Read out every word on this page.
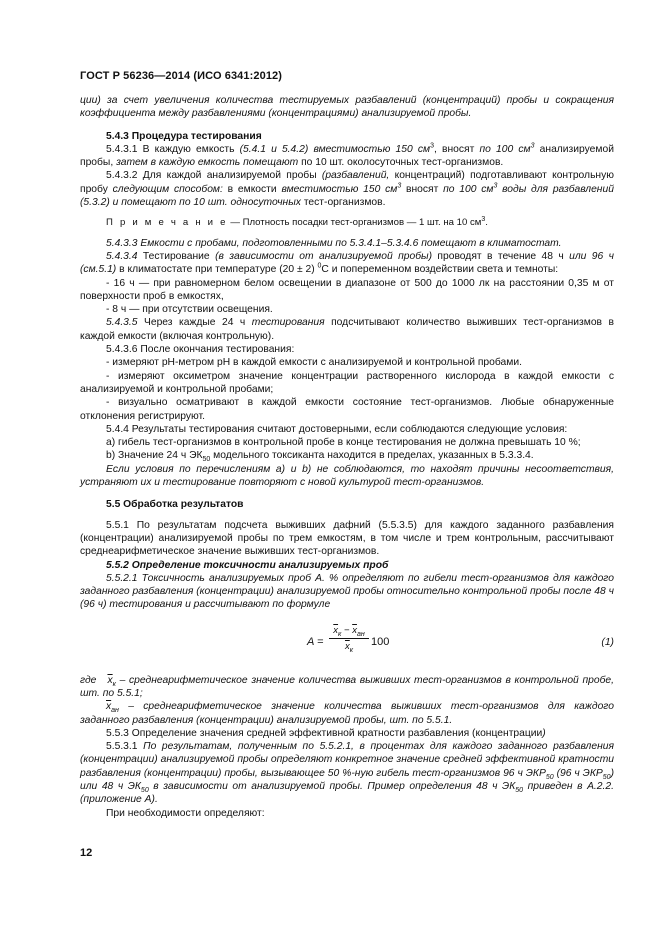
ГОСТ Р 56236—2014 (ИСО 6341:2012)

ции) за счет увеличения количества тестируемых разбавлений (концентраций) пробы и сокращения коэффициента между разбавлениями (концентрациями) анализируемой пробы.

5.4.3 Процедура тестирования

5.4.3.1 В каждую емкость (5.4.1 и 5.4.2) вместимостью 150 $см^3$, вносят по 100 $см^3$ анализируемой пробы, затем в каждую емкость помещают по 10 шт. околосуточных тест-организмов.

5.4.3.2 Для каждой анализируемой пробы (разбавлений, концентраций) подготавливают контрольную пробу следующим способом: в емкости вместимостью 150 $см^3$ вносят по 100 $см^3$ воды для разбавлений (5.3.2) и помещают по 10 шт. односуточных тест-организмов.

П р и м е ч а н и е — Плотность посадки тест-организмов — 1 шт. на 10 $см^3$.

5.4.3.3 Емкости с пробами, подготовленными по 5.3.4.1–5.3.4.6 помещают в климатостат.

5.4.3.4 Тестирование (в зависимости от анализируемой пробы) проводят в течение 48 ч или 96 ч (см.5.1) в климатостате при температуре (20 ± 2) $^0$С и попеременном воздействии света и темноты:

- 16 ч — при равномерном белом освещении в диапазоне от 500 до 1000 лк на расстоянии 0,35 м от поверхности проб в емкостях,

- 8 ч — при отсутствии освещения.

5.4.3.5 Через каждые 24 ч тестирования подсчитывают количество выживших тест-организмов в каждой емкости (включая контрольную).

5.4.3.6 После окончания тестирования:

- измеряют рН-метром рН в каждой емкости с анализируемой и контрольной пробами.

- измеряют оксиметром значение концентрации растворенного кислорода в каждой емкости с анализируемой и контрольной пробами;

- визуально осматривают в каждой емкости состояние тест-организмов. Любые обнаруженные отклонения регистрируют.

5.4.4 Результаты тестирования считают достоверными, если соблюдаются следующие условия:

а) гибель тест-организмов в контрольной пробе в конце тестирования не должна превышать 10 %;

b) Значение 24 ч $ЭК_{50}$ модельного токсиканта находится в пределах, указанных в 5.3.3.4.

Если условия по перечислениям а) и b) не соблюдаются, то находят причины несоответствия, устраняют их и тестирование повторяют с новой культурой тест-организмов.

5.5 Обработка результатов

5.5.1 По результатам подсчета выживших дафний (5.5.3.5) для каждого заданного разбавления (концентрации) анализируемой пробы по трем емкостям, в том числе и трем контрольным, рассчитывают среднеарифметическое значение выживших тест-организмов.

5.5.2 Определение токсичности анализируемых проб

5.5.2.1 Токсичность анализируемых проб А. % определяют по гибели тест-организмов для каждого заданного разбавления (концентрации) анализируемой пробы относительно контрольной пробы после 48 ч (96 ч) тестирования и рассчитывают по формуле

A =
$\overline{x}_к - \overline{x}_{ан}$
$\overline{x}_к$
100	(1)

где $\overline{x}_к$ – среднеарифметическое значение количества выживших тест-организмов в контрольной пробе, шт. по 5.5.1;

$\overline{x}_{ан}$ – среднеарифметическое значение количества выживших тест-организмов для каждого заданного разбавления (концентрации) анализируемой пробы, шт. по 5.5.1.

5.5.3 Определение значения средней эффективной кратности разбавления (концентрации)

5.5.3.1 По результатам, полученным по 5.5.2.1, в процентах для каждого заданного разбавления (концентрации) анализируемой пробы определяют конкретное значение средней эффективной кратности разбавления (концентрации) пробы, вызывающее 50 %-ную гибель тест-организмов 96 ч $ЭКР_{50}$ (96 ч $ЭКР_{50}$) или 48 ч $ЭК_{50}$ в зависимости от анализируемой пробы. Пример определения 48 ч $ЭК_{50}$ приведен в А.2.2. (приложение А).

При необходимости определяют:

12
